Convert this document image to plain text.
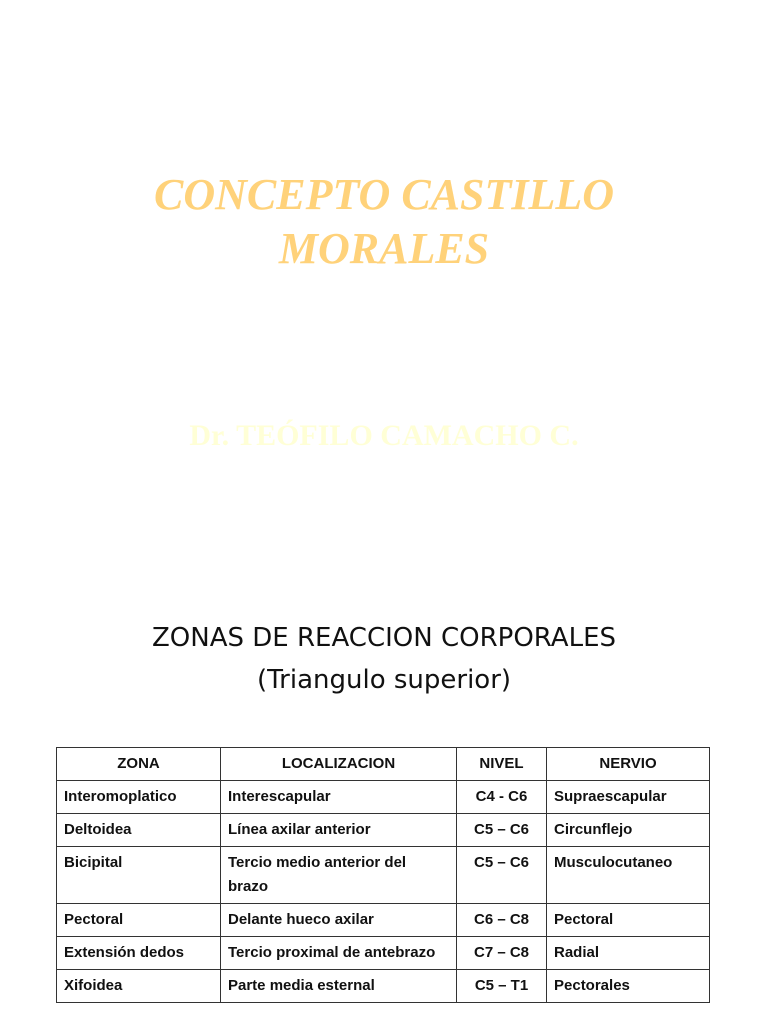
CONCEPTO CASTILLO
MORALES
Dr. TEÓFILO CAMACHO C.
ZONAS DE REACCION CORPORALES
(Triangulo superior)
ZONA	LOCALIZACION	NIVEL	NERVIO
Interomoplatico	Interescapular	C4 - C6	Supraescapular
Deltoidea	Línea axilar anterior	C5 – C6	Circunflejo
Bicipital	Tercio medio anterior del brazo	C5 – C6	Musculocutaneo
Pectoral	Delante hueco axilar	C6 – C8	Pectoral
Extensión dedos	Tercio proximal de antebrazo	C7 – C8	Radial
Xifoidea	Parte media esternal	C5 – T1	Pectorales
